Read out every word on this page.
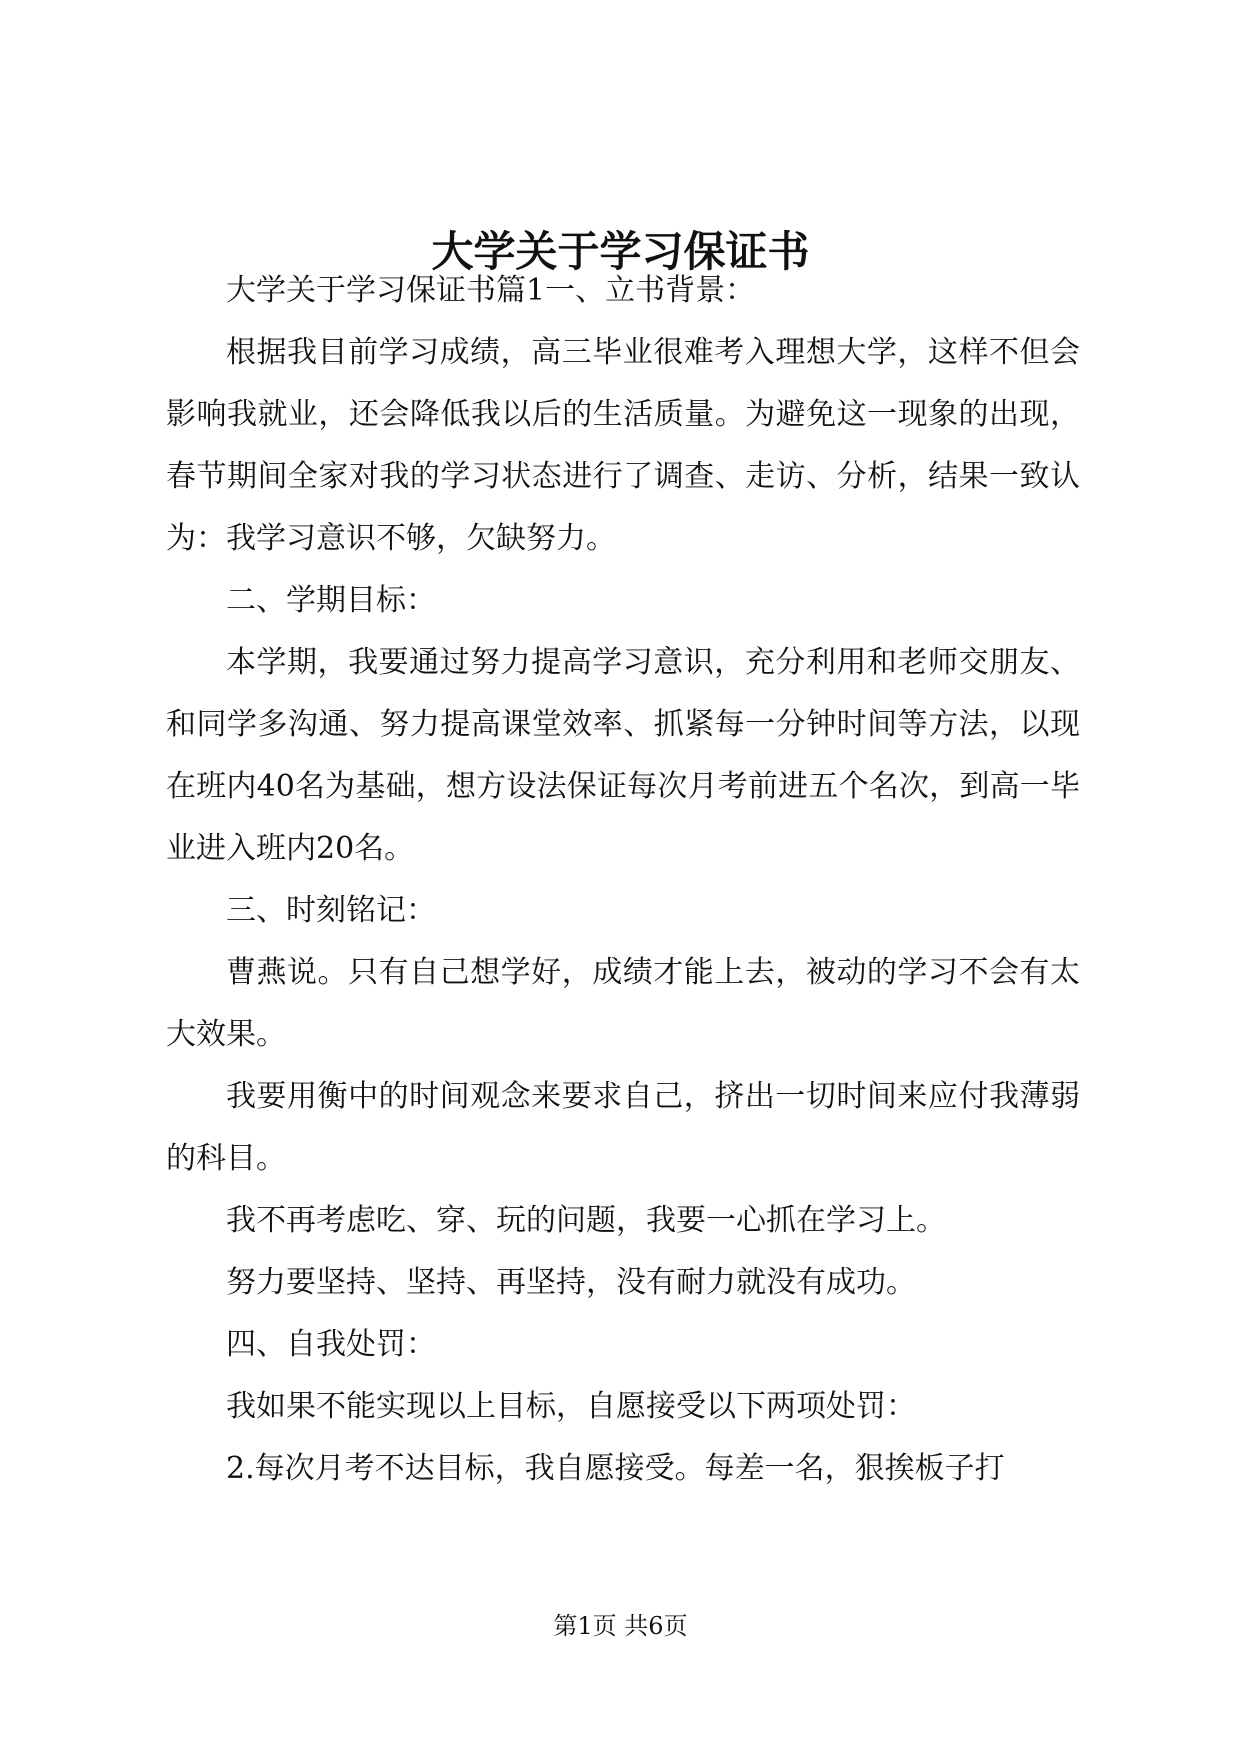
大学关于学习保证书

大学关于学习保证书篇1一、立书背景：

根据我目前学习成绩，高三毕业很难考入理想大学，这样不但会影响我就业，还会降低我以后的生活质量。为避免这一现象的出现，春节期间全家对我的学习状态进行了调查、走访、分析，结果一致认为：我学习意识不够，欠缺努力。

二、学期目标：

本学期，我要通过努力提高学习意识，充分利用和老师交朋友、和同学多沟通、努力提高课堂效率、抓紧每一分钟时间等方法，以现在班内40名为基础，想方设法保证每次月考前进五个名次，到高一毕业进入班内20名。

三、时刻铭记：

曹燕说。只有自己想学好，成绩才能上去，被动的学习不会有太大效果。

我要用衡中的时间观念来要求自己，挤出一切时间来应付我薄弱的科目。

我不再考虑吃、穿、玩的问题，我要一心抓在学习上。

努力要坚持、坚持、再坚持，没有耐力就没有成功。

四、自我处罚：

我如果不能实现以上目标，自愿接受以下两项处罚：

2.每次月考不达目标，我自愿接受。每差一名，狠挨板子打

第1页 共6页
